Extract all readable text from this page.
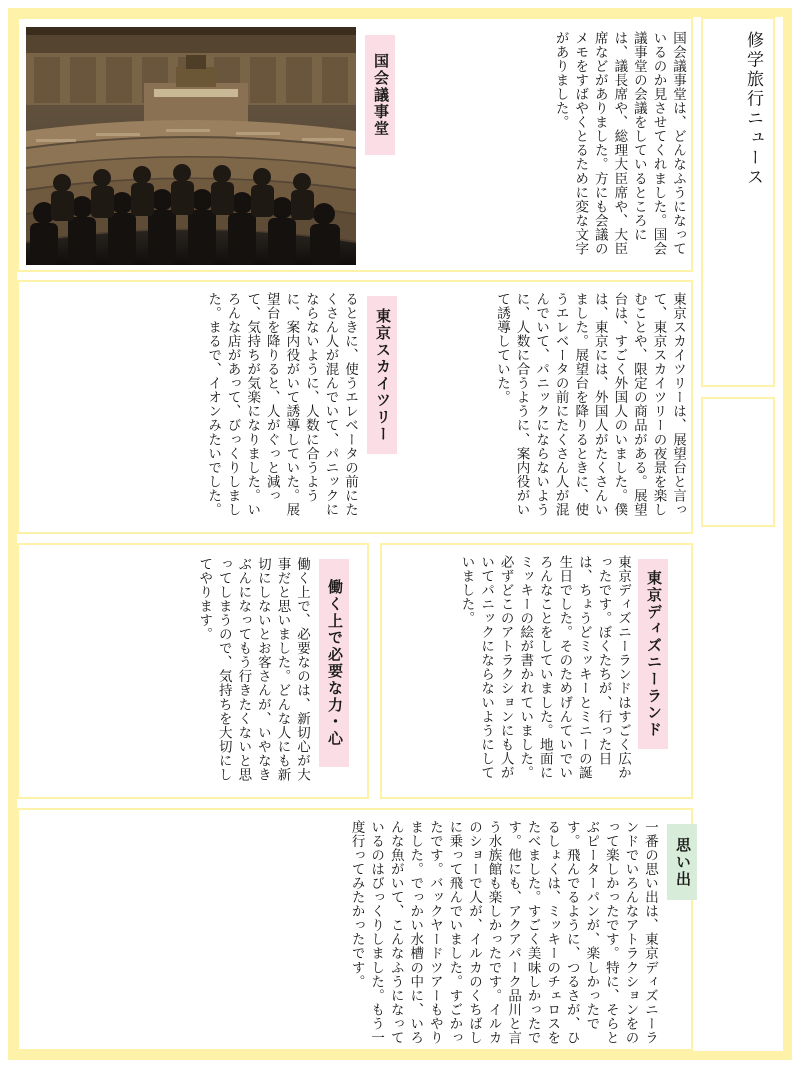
修学旅行ニュース
国会議事堂	国会議事堂は、どんなふうになっているのか見させてくれました。国会議事堂の会議をしているところには、議長席や、総理大臣席や、大臣席などがありました。方にも会議のメモをすばやくとるために変な文字がありました。
東京スカイツリー	東京スカイツリーは、展望台と言って、東京スカイツリーの夜景を楽しむことや、限定の商品がある。展望台は、すごく外国人のいました。僕は、東京には、外国人がたくさんいました。展望台を降りるときに、使うエレベータの前にたくさん人が混んでいて、パニックにならないように、人数に合うように、案内役がいて誘導していた。
るときに、使うエレベータの前にたくさん人が混んでいて、パニックにならないように、人数に合うように、案内役がいて誘導していた。展望台を降りると、人がぐっと減って、気持ちが気楽になりました。いろんな店があって、びっくりしました。まるで、イオンみたいでした。
東京ディズニーランド
東京ディズニーランドはすごく広かったです。ぼくたちが、行った日は、ちょうどミッキーとミニーの誕生日でした。そのためげんていでいろんなことをしていました。地面にミッキーの絵が書かれていました。必ずどこのアトラクションにも人がいてパニックにならないようにしていました。
働く上で必要な力・心
働く上で、必要なのは、新切心が大事だと思いました。どんな人にも新切にしないとお客さんが、いやなきぶんになってもう行きたくないと思ってしまうので、気持ちを大切にしてやります。
思い出
一番の思い出は、東京ディズニーランドでいろんなアトラクションをのって楽しかったです。特に、そらとぶピーターパンが、楽しかったです。飛んでるように、つるさが、ひるしょくは、ミッキーのチェロスをたべました。すごく美味しかったです。他にも、アクアパーク品川と言う水族館も楽しかったです。イルカのショーで人が、イルカのくちばしに乗って飛んでいました。すごかったです。バックヤードツアーもやりました。でっかい水槽の中に、いろんな魚がいて、こんなふうになっているのはびっくりしました。もう一度行ってみたかったです。
